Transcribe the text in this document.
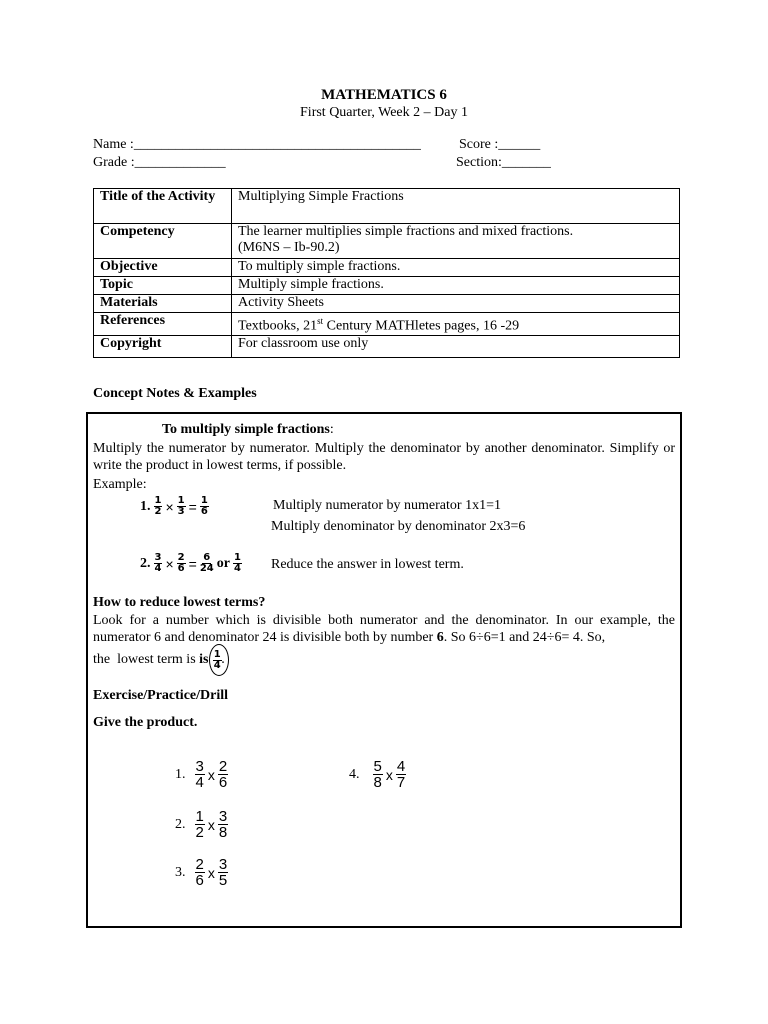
MATHEMATICS 6
First Quarter, Week 2 – Day 1
Name :_________________________________________	Score :______
Grade :_____________	Section:_______
Title of the Activity	Multiplying Simple Fractions
Competency	The learner multiplies simple fractions and mixed fractions.
(M6NS – Ib-90.2)

Objective	To multiply simple fractions.
Topic	Multiply simple fractions.
Materials	Activity Sheets
References	Textbooks, 21st Century MATHletes pages, 16 -29
Copyright	For classroom use only
Concept Notes & Examples
To multiply simple fractions:

Multiply the numerator by numerator. Multiply the denominator by another denominator. Simplify or write the product in lowest terms, if possible.

Example:
1. $\frac{1}{2} \times \frac{1}{3} = \frac{1}{6}$	Multiply numerator by numerator 1x1=1
Multiply denominator by denominator 2x3=6
2. $\frac{3}{4} \times \frac{2}{6} = \frac{6}{24}$ or $\frac{1}{4}$ Reduce the answer in lowest term.
How to reduce lowest terms?

Look for a number which is divisible both numerator and the denominator. In our example, the numerator 6 and denominator 24 is divisible both by number 6. So 6÷6=1 and 24÷6= 4. So,

the  lowest term is is $\frac{1}{4}$ .
Exercise/Practice/Drill
Give the product.
1. $\frac{3}{4}$ x $\frac{2}{6}$
2. $\frac{1}{2}$ x $\frac{3}{8}$
3. $\frac{2}{6}$ x $\frac{3}{5}$
4. $\frac{5}{8}$ x $\frac{4}{7}$
